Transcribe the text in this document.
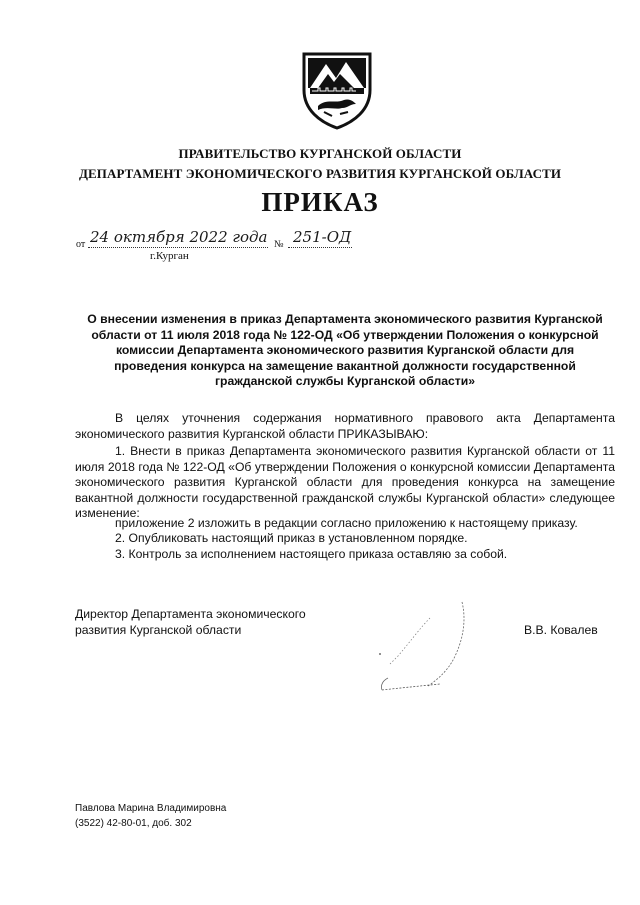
ПРАВИТЕЛЬСТВО КУРГАНСКОЙ ОБЛАСТИ
ДЕПАРТАМЕНТ ЭКОНОМИЧЕСКОГО РАЗВИТИЯ КУРГАНСКОЙ ОБЛАСТИ
ПРИКАЗ
от 24 октября 2022 года № 251-ОД
г.Курган
О внесении изменения в приказ Департамента экономического развития Курганской области от 11 июля 2018 года № 122-ОД «Об утверждении Положения о конкурсной комиссии Департамента экономического развития Курганской области для проведения конкурса на замещение вакантной должности государственной гражданской службы Курганской области»
В целях уточнения содержания нормативного правового акта Департамента экономического развития Курганской области ПРИКАЗЫВАЮ:
1. Внести в приказ Департамента экономического развития Курганской области от 11 июля 2018 года № 122-ОД «Об утверждении Положения о конкурсной комиссии Департамента экономического развития Курганской области для проведения конкурса на замещение вакантной должности государственной гражданской службы Курганской области» следующее изменение:
приложение 2 изложить в редакции согласно приложению к настоящему приказу.
2. Опубликовать настоящий приказ в установленном порядке.
3. Контроль за исполнением настоящего приказа оставляю за собой.
Директор Департамента экономического
развития Курганской области	В.В. Ковалев
Павлова Марина Владимировна
(3522) 42-80-01, доб. 302
